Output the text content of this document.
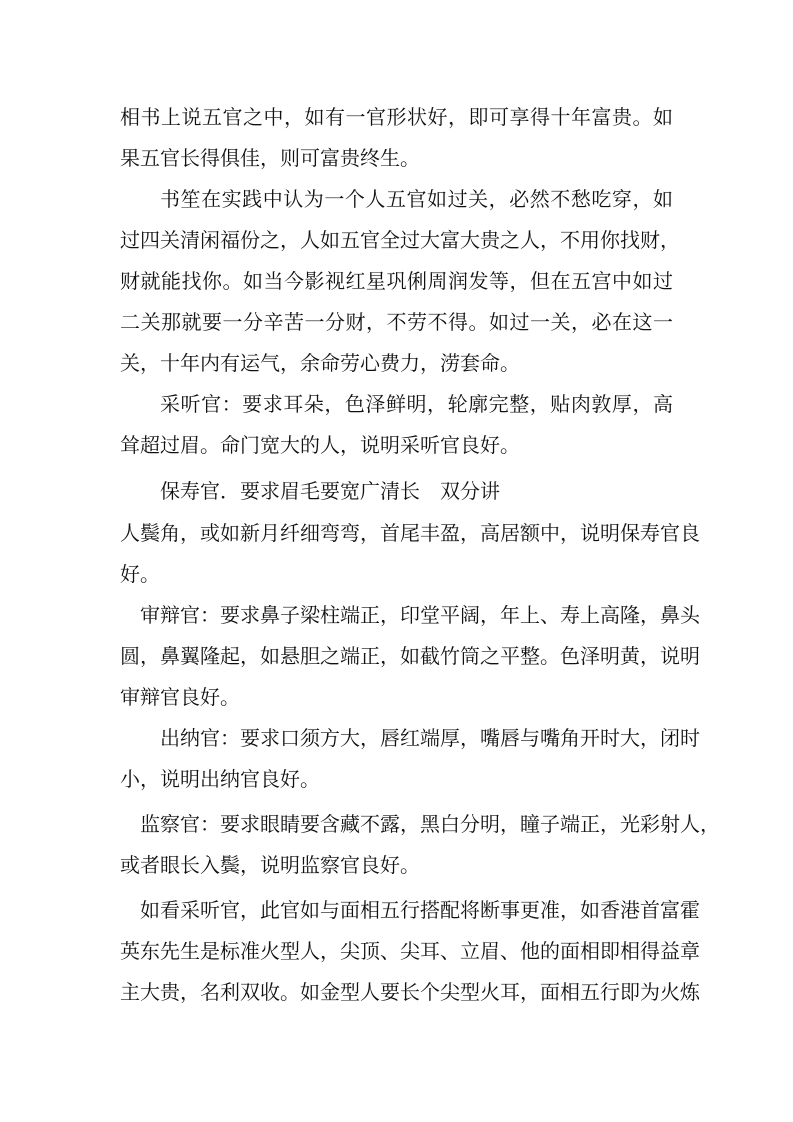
相书上说五官之中，如有一官形状好，即可享得十年富贵。如
果五官长得俱佳，则可富贵终生。
书笙在实践中认为一个人五官如过关，必然不愁吃穿，如
过四关清闲福份之，人如五官全过大富大贵之人，不用你找财，
财就能找你。如当今影视红星巩俐周润发等，但在五宫中如过
二关那就要一分辛苦一分财，不劳不得。如过一关，必在这一
关，十年内有运气，余命劳心费力，涝套命。
采听官：要求耳朵，色泽鲜明，轮廓完整，贴肉敦厚，高
耸超过眉。命门宽大的人，说明采听官良好。
保寿官．要求眉毛要宽广清长　双分讲
人鬓角，或如新月纤细弯弯，首尾丰盈，高居额中，说明保寿官良
好。
审辩官：要求鼻子梁柱端正，印堂平阔，年上、寿上高隆，鼻头
圆，鼻翼隆起，如悬胆之端正，如截竹筒之平整。色泽明黄，说明
审辩官良好。
出纳官：要求口须方大，唇红端厚，嘴唇与嘴角开时大，闭时
小，说明出纳官良好。
监察官：要求眼睛要含藏不露，黑白分明，瞳子端正，光彩射人，
或者眼长入鬓，说明监察官良好。
如看采听官，此官如与面相五行搭配将断事更准，如香港首富霍
英东先生是标准火型人，尖顶、尖耳、立眉、他的面相即相得益章
主大贵，名利双收。如金型人要长个尖型火耳，面相五行即为火炼
